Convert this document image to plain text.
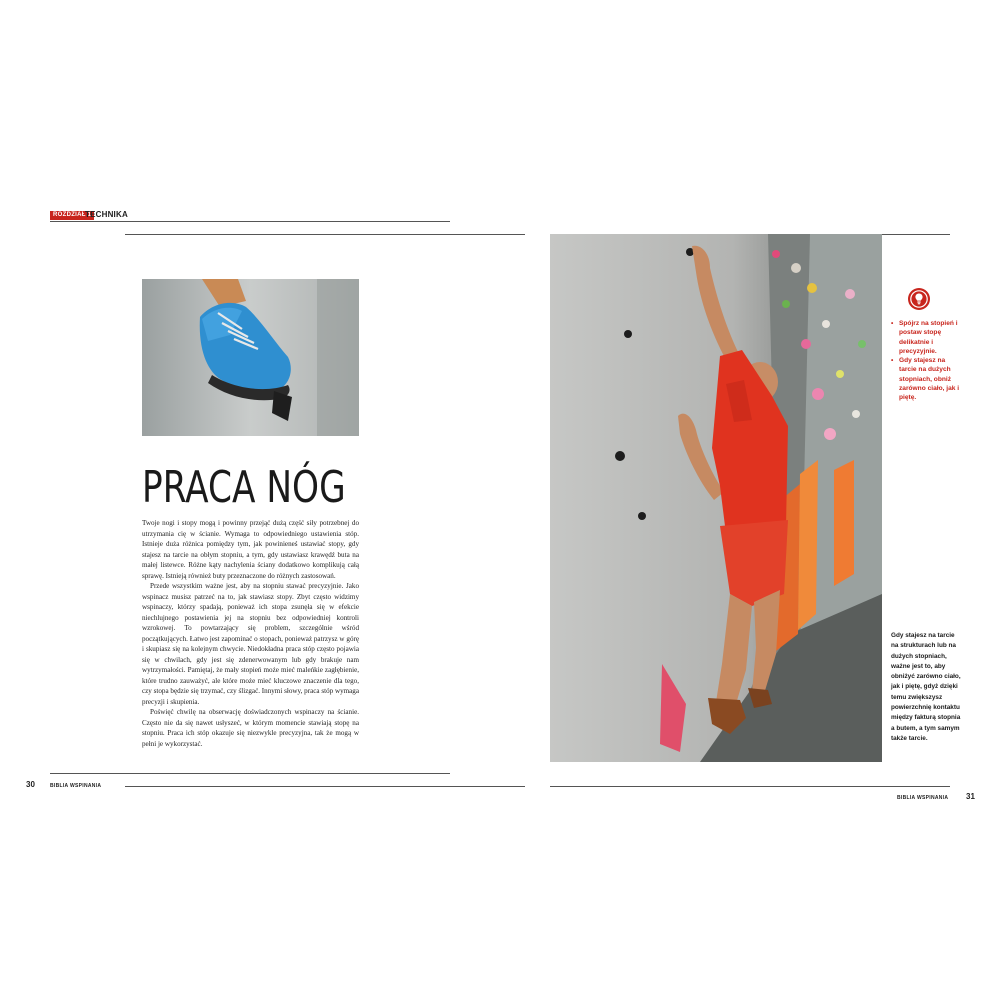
ROZDZIAŁ 1
TECHNIKA
PRACA NÓG

Twoje nogi i stopy mogą i powinny przejąć dużą część siły potrzebnej do utrzymania cię w ścianie. Wymaga to odpowiedniego ustawienia stóp. Istnieje duża różnica pomiędzy tym, jak powinieneś ustawiać stopy, gdy stajesz na tarcie na obłym stopniu, a tym, gdy ustawiasz krawędź buta na małej listewce. Różne kąty nachylenia ściany dodatkowo komplikują całą sprawę. Istnieją również buty przeznaczone do różnych zastosowań.

Przede wszystkim ważne jest, aby na stopniu stawać precyzyjnie. Jako wspinacz musisz patrzeć na to, jak stawiasz stopy. Zbyt często widzimy wspinaczy, którzy spadają, ponieważ ich stopa zsunęła się w efekcie niechlujnego postawienia jej na stopniu bez odpowiedniej kontroli wzrokowej. To powtarzający się problem, szczególnie wśród początkujących. Łatwo jest zapominać o stopach, ponieważ patrzysz w górę i skupiasz się na kolejnym chwycie. Niedokładna praca stóp często pojawia się w chwilach, gdy jest się zdenerwowanym lub gdy brakuje nam wytrzymałości. Pamiętaj, że mały stopień może mieć maleńkie zagłębienie, które trudno zauważyć, ale które może mieć kluczowe znaczenie dla tego, czy stopa będzie się trzymać, czy ślizgać. Innymi słowy, praca stóp wymaga precyzji i skupienia.

Poświęć chwilę na obserwację doświadczonych wspinaczy na ścianie. Często nie da się nawet usłyszeć, w którym momencie stawiają stopę na stopniu. Praca ich stóp okazuje się niezwykle precyzyjna, tak że mogą w pełni je wykorzystać.

30	BIBLIA WSPINANIA
• Spójrz na stopień i postaw stopę delikatnie i precyzyjnie.
• Gdy stajesz na tarcie na dużych stopniach, obniż zarówno ciało, jak i piętę.
Gdy stajesz na tarcie na strukturach lub na dużych stopniach, ważne jest to, aby obniżyć zarówno ciało, jak i piętę, gdyż dzięki temu zwiększysz powierzchnię kontaktu między fakturą stopnia a butem, a tym samym także tarcie.
BIBLIA WSPINANIA 31
